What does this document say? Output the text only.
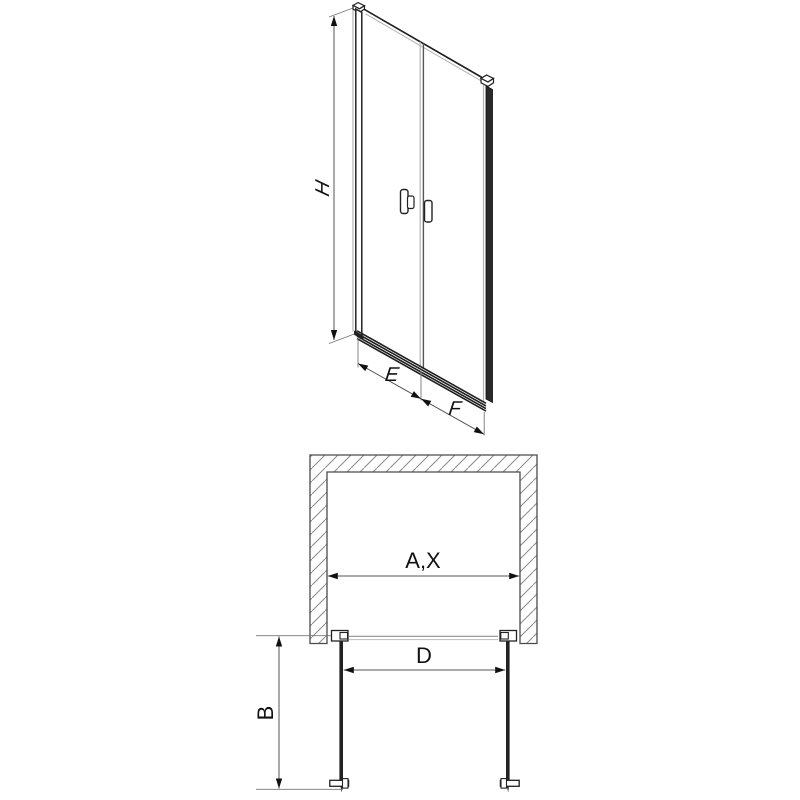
H
E
F
A,X
D
B
